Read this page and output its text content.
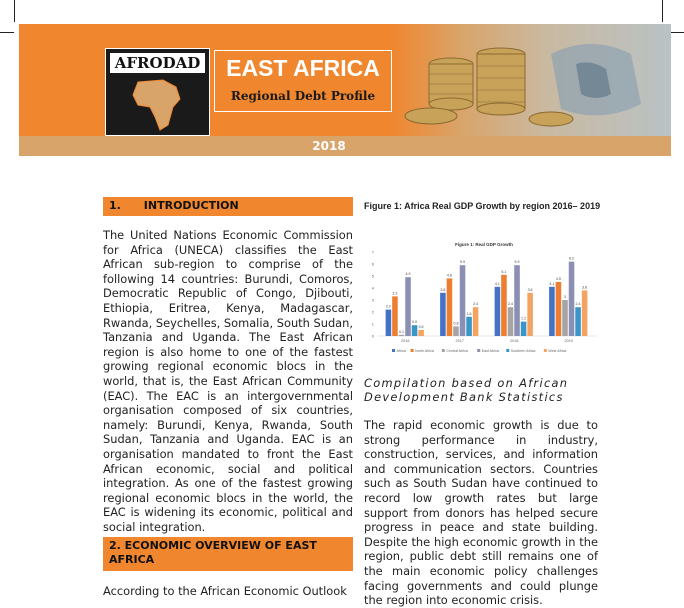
AFRODAD	EAST AFRICA
Regional Debt Profile
2018
1.      INTRODUCTION
The United Nations Economic Commission for Africa (UNECA) classifies the East African sub-region to comprise of the following 14 countries: Burundi, Comoros, Democratic Republic of Congo, Djibouti, Ethiopia, Eritrea, Kenya, Madagascar, Rwanda, Seychelles, Somalia, South Sudan, Tanzania and Uganda. The East African region is also home to one of the fastest growing regional economic blocs in the world, that is, the East African Community (EAC). The EAC is an intergovernmental organisation composed of six countries, namely: Burundi, Kenya, Rwanda, South Sudan, Tanzania and Uganda. EAC is an organisation mandated to front the East African economic, social and political integration. As one of the fastest growing regional economic blocs in the world, the EAC is widening its economic, political and social integration.
2. ECONOMIC OVERVIEW OF EAST AFRICA
According to the African Economic Outlook
Figure 1: Africa Real GDP Growth by region 2016– 2019
Figure 1: Real GDP Growth
0
1
2
3
4
5
6
7
2.2
3.3
0.1
4.9
0.9
0.5
2016
3.6
4.8
0.8
5.9
1.6
2.4
2017
4.1
5.1
2.4
5.9
1.2
3.6
2018
4.1
4.5
3
6.2
2.4
3.8
2019
Africa	North Africa	Central Africa	East Africa	Southern Africa	West Africa
Compilation based on African Development Bank Statistics
The rapid economic growth is due to strong performance in industry, construction, services, and information and communication sectors. Countries such as South Sudan have continued to record low growth rates but large support from donors has helped secure progress in peace and state building. Despite the high economic growth in the region, public debt still remains one of the main economic policy challenges facing governments and could plunge the region into economic crisis.
